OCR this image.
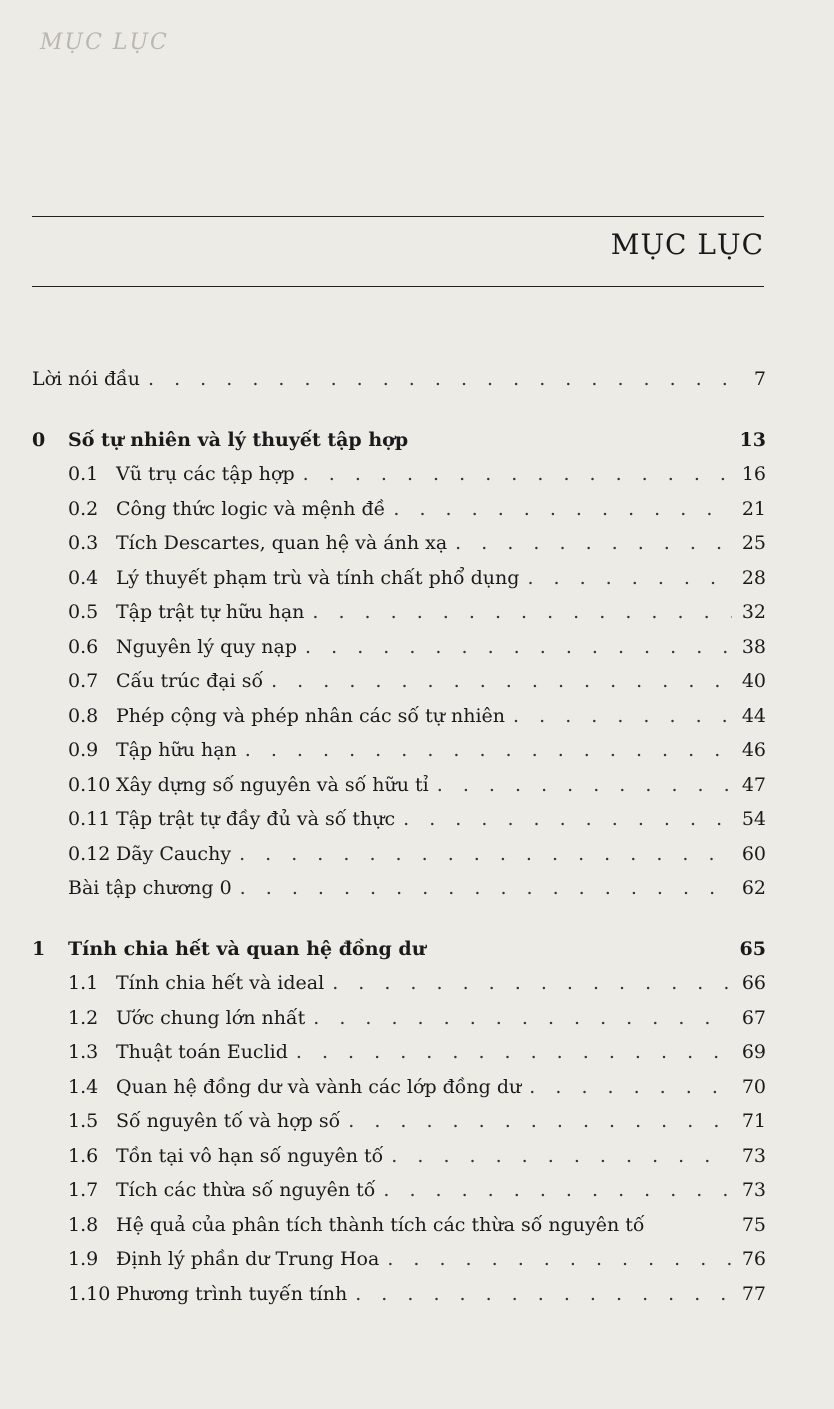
MỤC LỤC
MỤC LỤC
Lời nói đầu . . .	7
0	Số tự nhiên và lý thuyết tập hợp	13
0.1 Vũ trụ các tập hợp . . .	16
0.2 Công thức logic và mệnh đề . . .	21
0.3 Tích Descartes, quan hệ và ánh xạ . . .	25
0.4 Lý thuyết phạm trù và tính chất phổ dụng . . .	28
0.5 Tập trật tự hữu hạn . . .	32
0.6 Nguyên lý quy nạp . . .	38
0.7 Cấu trúc đại số . . .	40
0.8 Phép cộng và phép nhân các số tự nhiên . . .	44
0.9 Tập hữu hạn . . .	46
0.10 Xây dựng số nguyên và số hữu tỉ . . .	47
0.11 Tập trật tự đầy đủ và số thực . . .	54
0.12 Dãy Cauchy . . .	60
Bài tập chương 0 . . .	62
1	Tính chia hết và quan hệ đồng dư	65
1.1 Tính chia hết và ideal . . .	66
1.2 Ước chung lớn nhất . . .	67
1.3 Thuật toán Euclid . . .	69
1.4 Quan hệ đồng dư và vành các lớp đồng dư . . .	70
1.5 Số nguyên tố và hợp số . . .	71
1.6 Tồn tại vô hạn số nguyên tố . . .	73
1.7 Tích các thừa số nguyên tố . . .	73
1.8 Hệ quả của phân tích thành tích các thừa số nguyên tố	75
1.9 Định lý phần dư Trung Hoa . . .	76
1.10 Phương trình tuyến tính . . .	77
